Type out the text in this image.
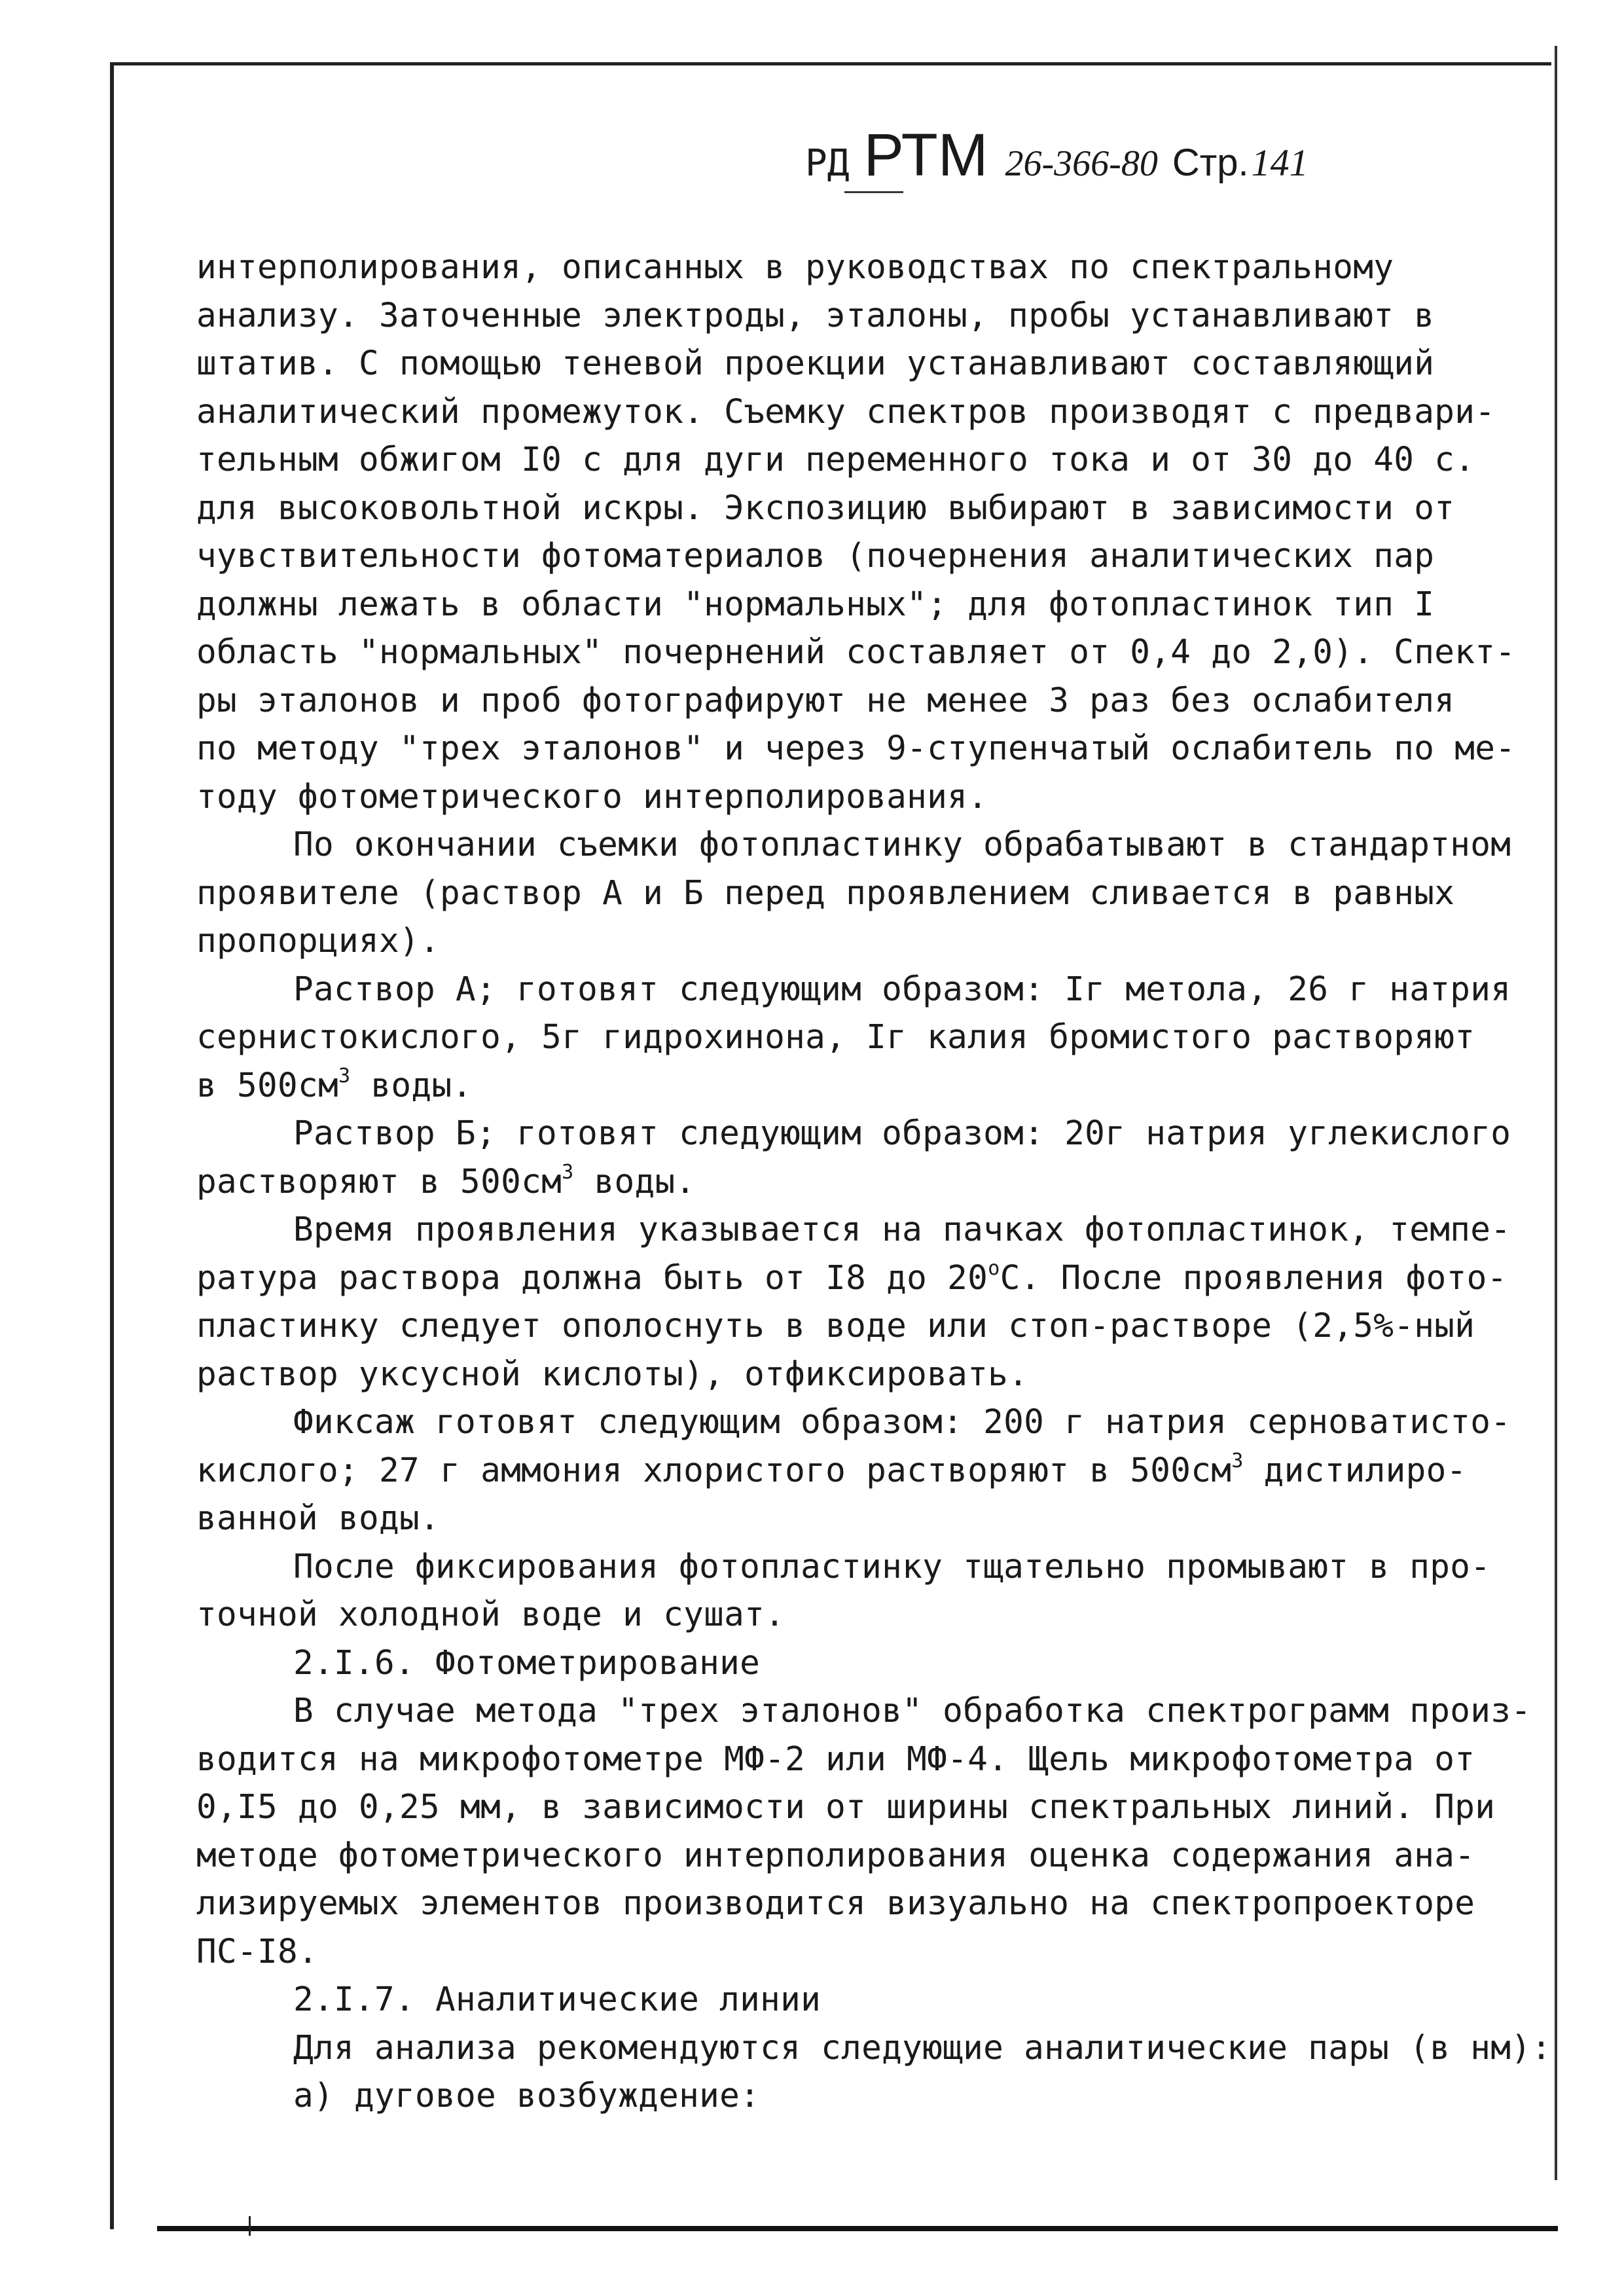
РД РТМ 26-366-80 Стр.141
интерполирования, описанных в руководствах по спектральному
анализу. Заточенные электроды, эталоны, пробы устанавливают в
штатив. С помощью теневой проекции устанавливают составляющий
аналитический промежуток. Съемку спектров производят с предвари-
тельным обжигом I0 с для дуги переменного тока и от 30 до 40 с.
для высоковольтной искры. Экспозицию выбирают в зависимости от
чувствительности фотоматериалов (почернения аналитических пар
должны лежать в области "нормальных"; для фотопластинок тип I
область "нормальных" почернений составляет от 0,4 до 2,0). Спект-
ры эталонов и проб фотографируют не менее 3 раз без ослабителя
по методу "трех эталонов" и через 9-ступенчатый ослабитель по ме-
тоду фотометрического интерполирования.
По окончании съемки фотопластинку обрабатывают в стандартном
проявителе (раствор А и Б перед проявлением сливается в равных
пропорциях).
Раствор А; готовят следующим образом: Iг метола, 26 г натрия
сернистокислого, 5г гидрохинона, Iг калия бромистого растворяют
в $500см^3$ воды.
Раствор Б; готовят следующим образом: 20г натрия углекислого
растворяют в $500см^3$ воды.
Время проявления указывается на пачках фотопластинок, темпе-
ратура раствора должна быть от I8 до $20^оС$. После проявления фото-
пластинку следует ополоснуть в воде или стоп-растворе (2,5%-ный
раствор уксусной кислоты), отфиксировать.
Фиксаж готовят следующим образом: 200 г натрия серноватисто-
кислого; 27 г аммония хлористого растворяют в $500см^3$ дистилиро-
ванной воды.
После фиксирования фотопластинку тщательно промывают в про-
точной холодной воде и сушат.
2.I.6. Фотометрирование
В случае метода "трех эталонов" обработка спектрограмм произ-
водится на микрофотометре МФ-2 или МФ-4. Щель микрофотометра от
0,I5 до 0,25 мм, в зависимости от ширины спектральных линий. При
методе фотометрического интерполирования оценка содержания ана-
лизируемых элементов производится визуально на спектропроекторе
ПС-I8.
2.I.7. Аналитические линии
Для анализа рекомендуются следующие аналитические пары (в нм):
а) дуговое возбуждение:
